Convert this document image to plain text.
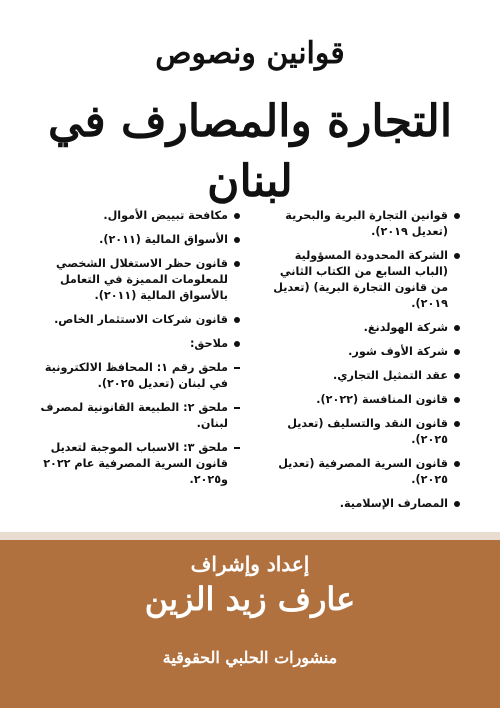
قوانين ونصوص
التجارة والمصارف في لبنان
قوانين التجارة البرية والبحرية (تعديل ٢٠١٩).
الشركة المحدودة المسؤولية (الباب السابع من الكتاب الثاني من قانون التجارة البرية) (تعديل ٢٠١٩).
شركة الهولدنغ.
شركة الأوف شور.
عقد التمثيل التجاري.
قانون المنافسة (٢٠٢٢).
قانون النقد والتسليف (تعديل ٢٠٢٥).
قانون السرية المصرفية (تعديل ٢٠٢٥).
المصارف الإسلامية.
مكافحة تبييض الأموال.
الأسواق المالية (٢٠١١).
قانون حظر الاستغلال الشخصي للمعلومات المميزة في التعامل بالأسواق المالية (٢٠١١).
قانون شركات الاستثمار الخاص.
ملاحق:
ملحق رقم ١: المحافظ الالكترونية في لبنان (تعديل ٢٠٢٥).
ملحق ٢: الطبيعة القانونية لمصرف لبنان.
ملحق ٣: الاسباب الموجبة لتعديل قانون السرية المصرفية عام ٢٠٢٢ و٢٠٢٥.
إعداد وإشراف
عارف زيد الزين
منشورات الحلبي الحقوقية
